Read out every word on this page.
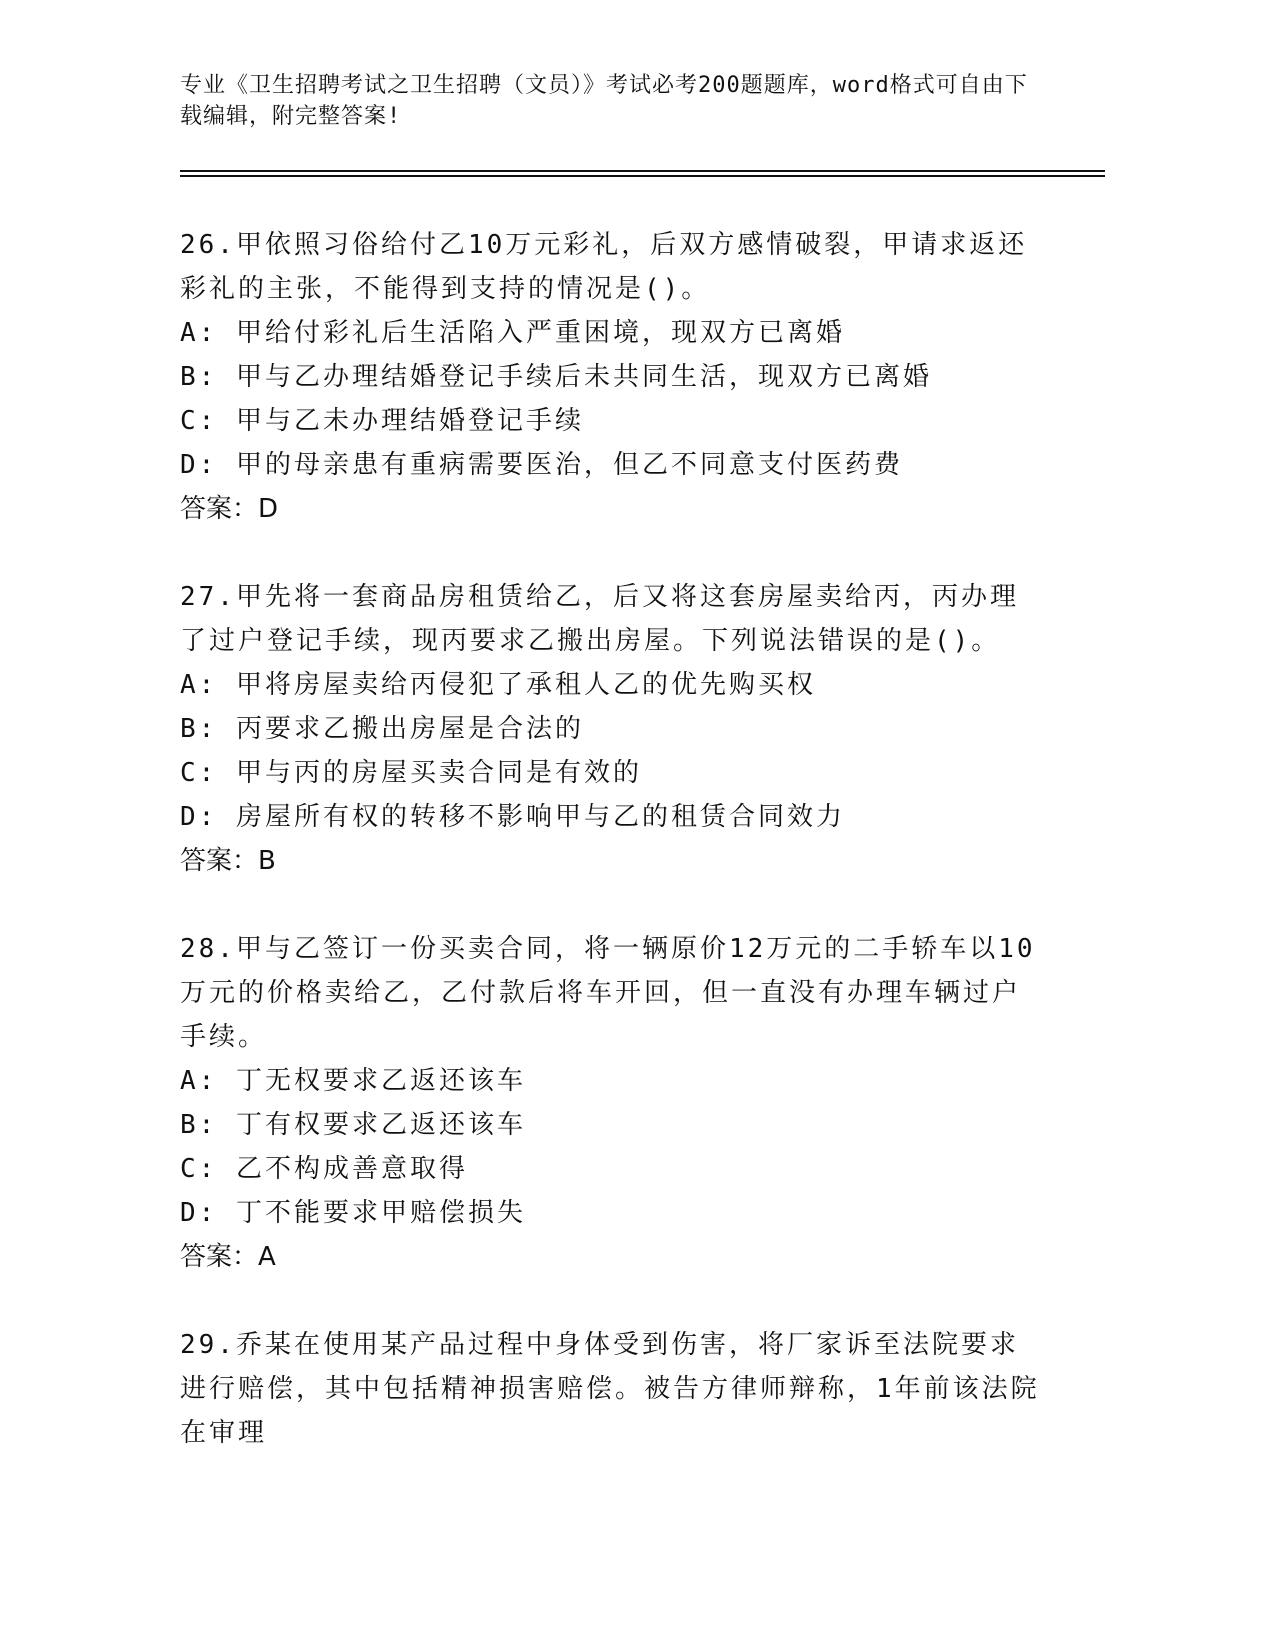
专业《卫生招聘考试之卫生招聘（文员）》考试必考200题题库，word格式可自由下载编辑，附完整答案!

26.甲依照习俗给付乙10万元彩礼，后双方感情破裂，甲请求返还彩礼的主张，不能得到支持的情况是()。

A: 甲给付彩礼后生活陷入严重困境，现双方已离婚

B: 甲与乙办理结婚登记手续后未共同生活，现双方已离婚

C: 甲与乙未办理结婚登记手续

D: 甲的母亲患有重病需要医治，但乙不同意支付医药费

答案：D

27.甲先将一套商品房租赁给乙，后又将这套房屋卖给丙，丙办理了过户登记手续，现丙要求乙搬出房屋。下列说法错误的是()。

A: 甲将房屋卖给丙侵犯了承租人乙的优先购买权

B: 丙要求乙搬出房屋是合法的

C: 甲与丙的房屋买卖合同是有效的

D: 房屋所有权的转移不影响甲与乙的租赁合同效力

答案：B

28.甲与乙签订一份买卖合同，将一辆原价12万元的二手轿车以10万元的价格卖给乙，乙付款后将车开回，但一直没有办理车辆过户手续。

A: 丁无权要求乙返还该车

B: 丁有权要求乙返还该车

C: 乙不构成善意取得

D: 丁不能要求甲赔偿损失

答案：A

29.乔某在使用某产品过程中身体受到伤害，将厂家诉至法院要求进行赔偿，其中包括精神损害赔偿。被告方律师辩称，1年前该法院在审理
